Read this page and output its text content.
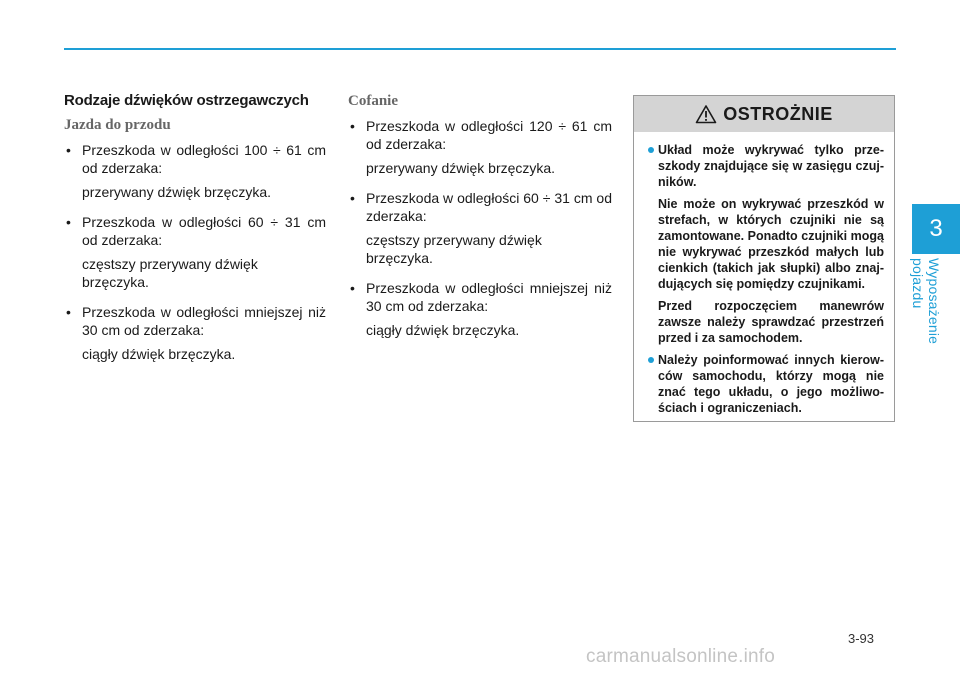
3
Wyposażenie pojazdu
Rodzaje dźwięków ostrzegawczych
Jazda do przodu

• Przeszkoda w odległości 100 ÷ 61 cm od zderzaka:

przerywany dźwięk brzęczyka.

• Przeszkoda w odległości 60 ÷ 31 cm od zderzaka:

częstszy przerywany dźwięk brzęczyka.

• Przeszkoda w odległości mniejszej niż 30 cm od zderzaka:

ciągły dźwięk brzęczyka.

Cofanie

• Przeszkoda w odległości 120 ÷ 61 cm od zderzaka:

przerywany dźwięk brzęczyka.

• Przeszkoda w odległości 60 ÷ 31 cm od zderzaka:

częstszy przerywany dźwięk brzęczyka.

• Przeszkoda w odległości mniejszej niż 30 cm od zderzaka:

ciągły dźwięk brzęczyka.

OSTROŻNIE

Układ może wykrywać tylko prze-szkody znajdujące się w zasięgu czuj-ników.

Nie może on wykrywać przeszkód w strefach, w których czujniki nie są zamontowane. Ponadto czujniki mogą nie wykrywać przeszkód małych lub cienkich (takich jak słupki) albo znaj-dujących się pomiędzy czujnikami.

Przed rozpoczęciem manewrów zawsze należy sprawdzać przestrzeń przed i za samochodem.

Należy poinformować innych kierow-ców samochodu, którzy mogą nie znać tego układu, o jego możliwo-ściach i ograniczeniach.

3-93
carmanualsonline.info
